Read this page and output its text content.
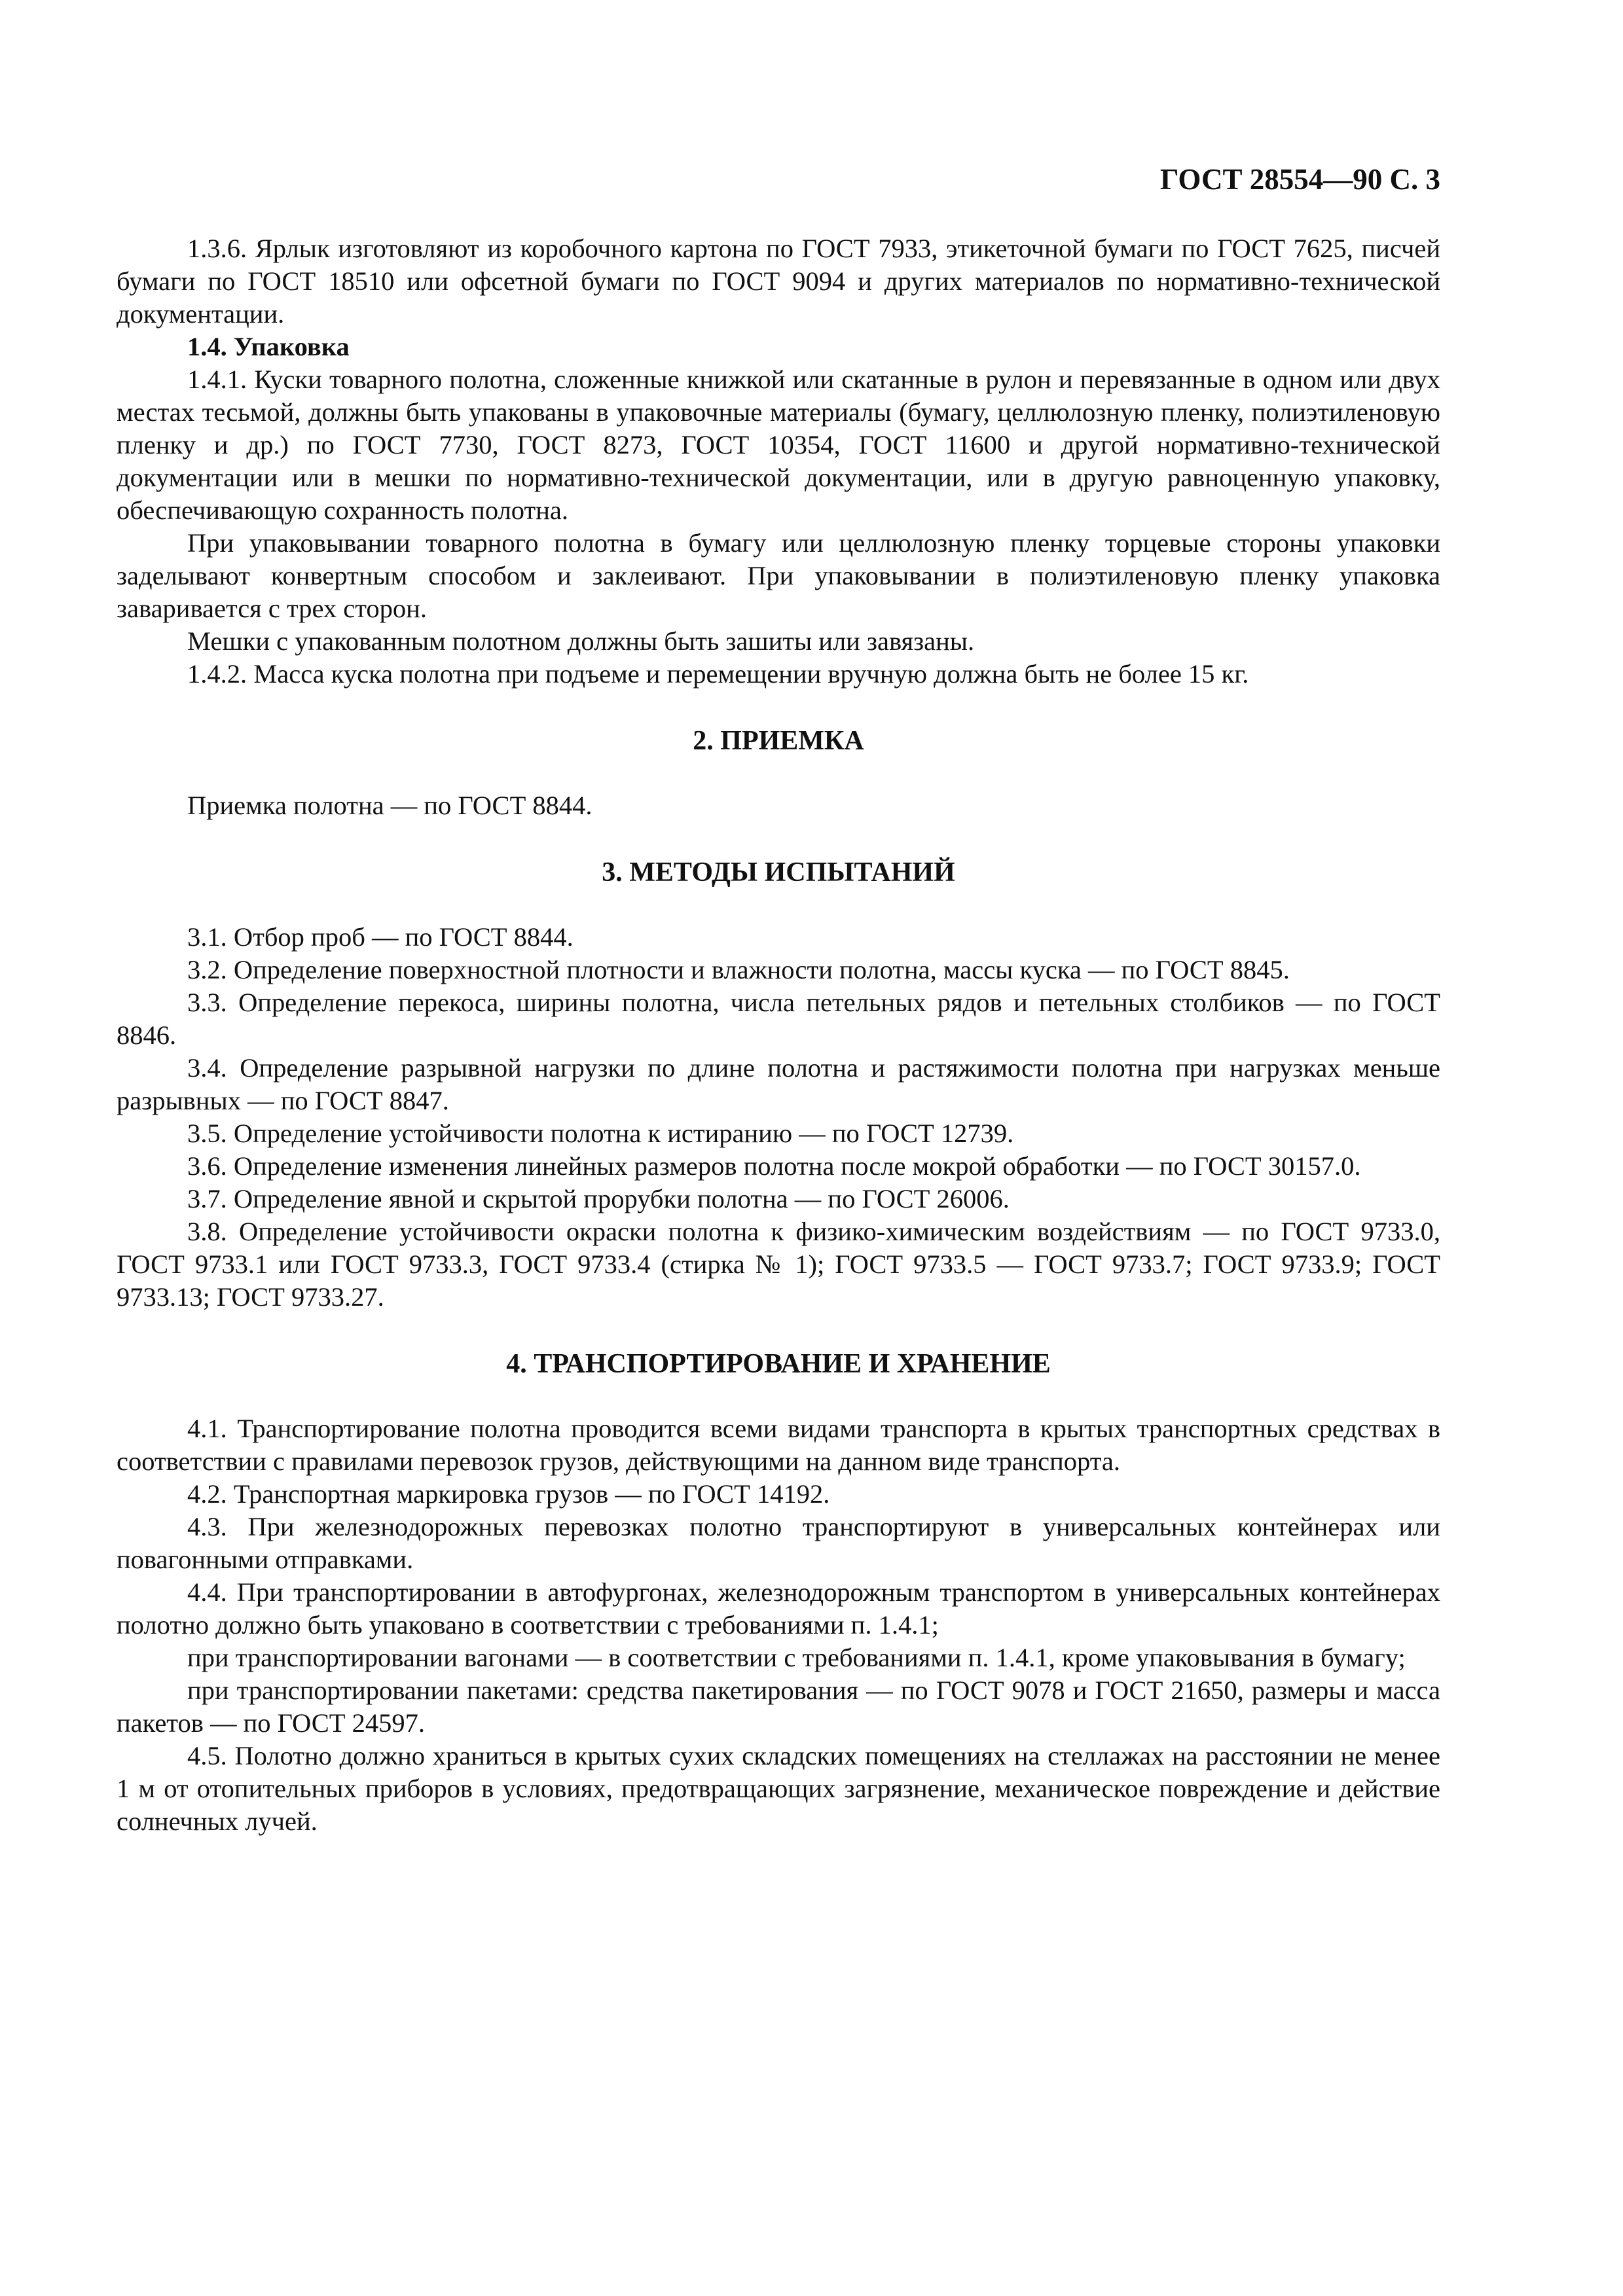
ГОСТ 28554—90 С. 3

1.3.6. Ярлык изготовляют из коробочного картона по ГОСТ 7933, этикеточной бумаги по ГОСТ 7625, писчей бумаги по ГОСТ 18510 или офсетной бумаги по ГОСТ 9094 и других материалов по нормативно-технической документации.

1.4. Упаковка

1.4.1. Куски товарного полотна, сложенные книжкой или скатанные в рулон и перевязанные в одном или двух местах тесьмой, должны быть упакованы в упаковочные материалы (бумагу, целлюлозную пленку, полиэтиленовую пленку и др.) по ГОСТ 7730, ГОСТ 8273, ГОСТ 10354, ГОСТ 11600 и другой нормативно-технической документации или в мешки по нормативно-технической документации, или в другую равноценную упаковку, обеспечивающую сохранность полотна.

При упаковывании товарного полотна в бумагу или целлюлозную пленку торцевые стороны упаковки заделывают конвертным способом и заклеивают. При упаковывании в полиэтиленовую пленку упаковка заваривается с трех сторон.

Мешки с упакованным полотном должны быть зашиты или завязаны.

1.4.2. Масса куска полотна при подъеме и перемещении вручную должна быть не более 15 кг.

2. ПРИЕМКА

Приемка полотна — по ГОСТ 8844.

3. МЕТОДЫ ИСПЫТАНИЙ

3.1. Отбор проб — по ГОСТ 8844.

3.2. Определение поверхностной плотности и влажности полотна, массы куска — по ГОСТ 8845.

3.3. Определение перекоса, ширины полотна, числа петельных рядов и петельных столбиков — по ГОСТ 8846.

3.4. Определение разрывной нагрузки по длине полотна и растяжимости полотна при нагрузках меньше разрывных — по ГОСТ 8847.

3.5. Определение устойчивости полотна к истиранию — по ГОСТ 12739.

3.6. Определение изменения линейных размеров полотна после мокрой обработки — по ГОСТ 30157.0.

3.7. Определение явной и скрытой прорубки полотна — по ГОСТ 26006.

3.8. Определение устойчивости окраски полотна к физико-химическим воздействиям — по ГОСТ 9733.0, ГОСТ 9733.1 или ГОСТ 9733.3, ГОСТ 9733.4 (стирка № 1); ГОСТ 9733.5 — ГОСТ 9733.7; ГОСТ 9733.9; ГОСТ 9733.13; ГОСТ 9733.27.

4. ТРАНСПОРТИРОВАНИЕ И ХРАНЕНИЕ

4.1. Транспортирование полотна проводится всеми видами транспорта в крытых транспортных средствах в соответствии с правилами перевозок грузов, действующими на данном виде транспорта.

4.2. Транспортная маркировка грузов — по ГОСТ 14192.

4.3. При железнодорожных перевозках полотно транспортируют в универсальных контейнерах или повагонными отправками.

4.4. При транспортировании в автофургонах, железнодорожным транспортом в универсальных контейнерах полотно должно быть упаковано в соответствии с требованиями п. 1.4.1;

при транспортировании вагонами — в соответствии с требованиями п. 1.4.1, кроме упаковывания в бумагу;

при транспортировании пакетами: средства пакетирования — по ГОСТ 9078 и ГОСТ 21650, размеры и масса пакетов — по ГОСТ 24597.

4.5. Полотно должно храниться в крытых сухих складских помещениях на стеллажах на расстоянии не менее 1 м от отопительных приборов в условиях, предотвращающих загрязнение, механическое повреждение и действие солнечных лучей.
